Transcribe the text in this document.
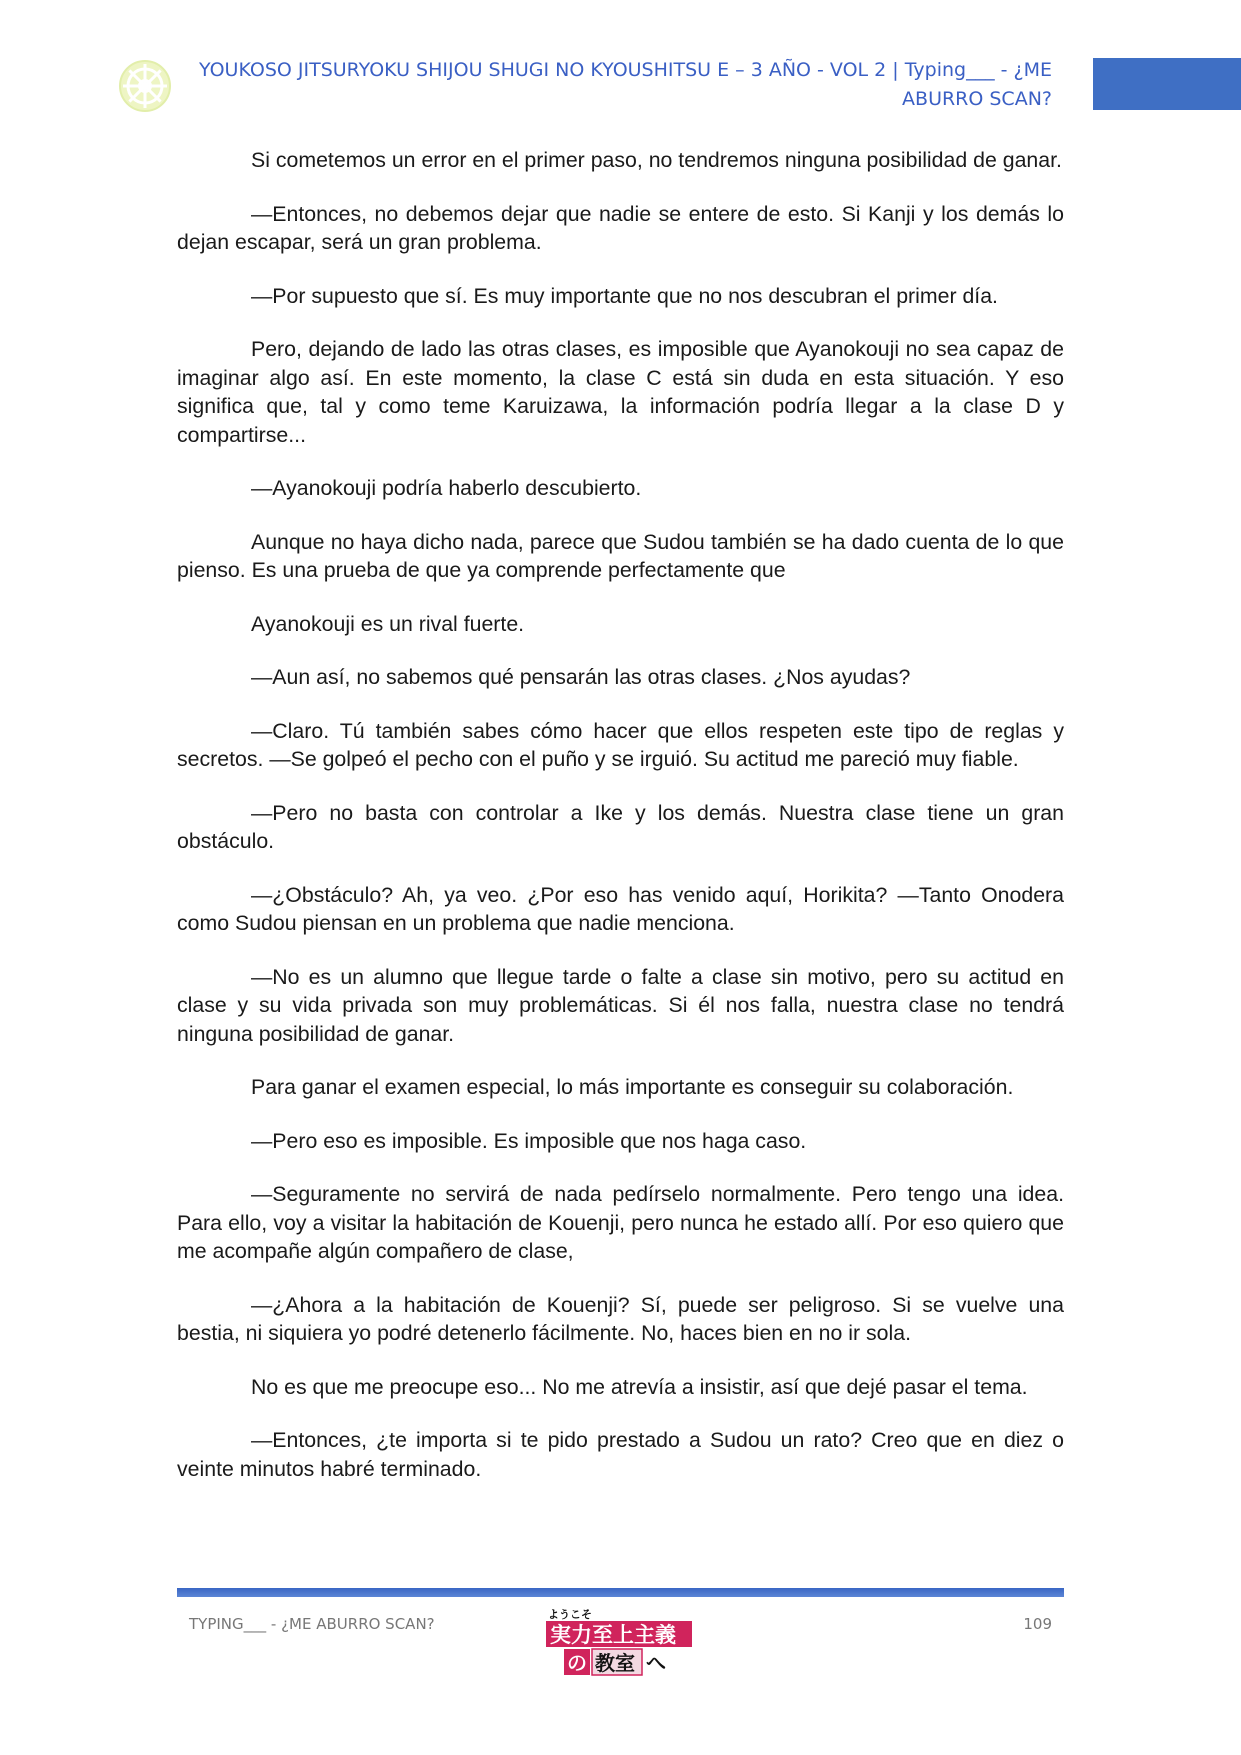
YOUKOSO JITSURYOKU SHIJOU SHUGI NO KYOUSHITSU E – 3 AÑO - VOL 2 | Typing___ - ¿ME
ABURRO SCAN?

Si cometemos un error en el primer paso, no tendremos ninguna posibilidad de ganar.

—Entonces, no debemos dejar que nadie se entere de esto. Si Kanji y los demás lo dejan escapar, será un gran problema.

—Por supuesto que sí. Es muy importante que no nos descubran el primer día.

Pero, dejando de lado las otras clases, es imposible que Ayanokouji no sea capaz de imaginar algo así. En este momento, la clase C está sin duda en esta situación. Y eso significa que, tal y como teme Karuizawa, la información podría llegar a la clase D y compartirse...

—Ayanokouji podría haberlo descubierto.

Aunque no haya dicho nada, parece que Sudou también se ha dado cuenta de lo que pienso. Es una prueba de que ya comprende perfectamente que

Ayanokouji es un rival fuerte.

—Aun así, no sabemos qué pensarán las otras clases. ¿Nos ayudas?

—Claro. Tú también sabes cómo hacer que ellos respeten este tipo de reglas y secretos. —Se golpeó el pecho con el puño y se irguió. Su actitud me pareció muy fiable.

—Pero no basta con controlar a Ike y los demás. Nuestra clase tiene un gran obstáculo.

—¿Obstáculo? Ah, ya veo. ¿Por eso has venido aquí, Horikita? —Tanto Onodera como Sudou piensan en un problema que nadie menciona.

—No es un alumno que llegue tarde o falte a clase sin motivo, pero su actitud en clase y su vida privada son muy problemáticas. Si él nos falla, nuestra clase no tendrá ninguna posibilidad de ganar.

Para ganar el examen especial, lo más importante es conseguir su colaboración.

—Pero eso es imposible. Es imposible que nos haga caso.

—Seguramente no servirá de nada pedírselo normalmente. Pero tengo una idea. Para ello, voy a visitar la habitación de Kouenji, pero nunca he estado allí. Por eso quiero que me acompañe algún compañero de clase,

—¿Ahora a la habitación de Kouenji? Sí, puede ser peligroso. Si se vuelve una bestia, ni siquiera yo podré detenerlo fácilmente. No, haces bien en no ir sola.

No es que me preocupe eso... No me atrevía a insistir, así que dejé pasar el tema.

—Entonces, ¿te importa si te pido prestado a Sudou un rato? Creo que en diez o veinte minutos habré terminado.

TYPING___ - ¿ME ABURRO SCAN?
ようこそ
実力至上主義
の 教室 へ
109
